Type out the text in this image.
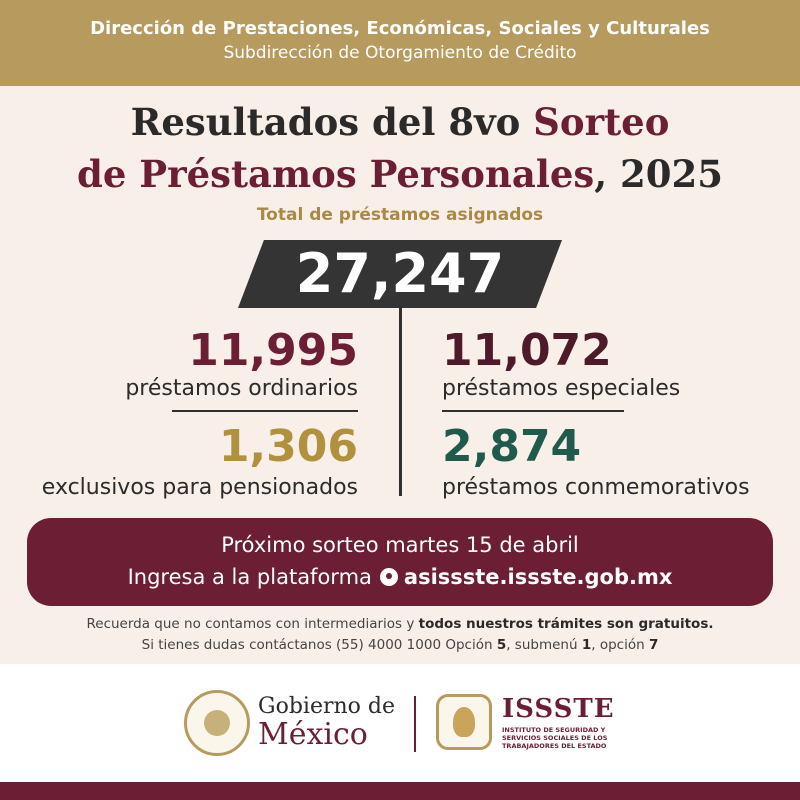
Dirección de Prestaciones, Económicas, Sociales y Culturales
Subdirección de Otorgamiento de Crédito
Resultados del 8vo Sorteo
de Préstamos Personales, 2025
Total de préstamos asignados
27,247
11,995
préstamos ordinarios
1,306
exclusivos para pensionados
11,072
préstamos especiales
2,874
préstamos conmemorativos
Próximo sorteo martes 15 de abril
Ingresa a la plataforma asissste.issste.gob.mx
Recuerda que no contamos con intermediarios y todos nuestros trámites son gratuitos.
Si tienes dudas contáctanos (55) 4000 1000 Opción 5, submenú 1, opción 7
Gobierno de
México
ISSSTE
INSTITUTO DE SEGURIDAD Y SERVICIOS SOCIALES DE LOS TRABAJADORES DEL ESTADO
